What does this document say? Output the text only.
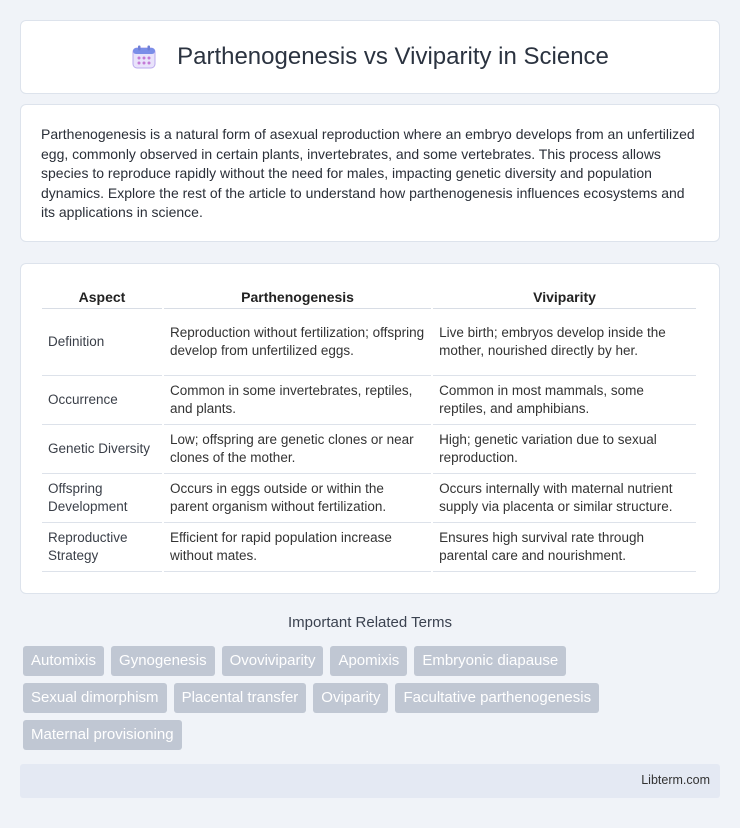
Parthenogenesis vs Viviparity in Science

Parthenogenesis is a natural form of asexual reproduction where an embryo develops from an unfertilized egg, commonly observed in certain plants, invertebrates, and some vertebrates. This process allows species to reproduce rapidly without the need for males, impacting genetic diversity and population dynamics. Explore the rest of the article to understand how parthenogenesis influences ecosystems and its applications in science.

Aspect	Parthenogenesis	Viviparity
Definition	Reproduction without fertilization; offspring develop from unfertilized eggs.	Live birth; embryos develop inside the mother, nourished directly by her.
Occurrence	Common in some invertebrates, reptiles, and plants.	Common in most mammals, some reptiles, and amphibians.
Genetic Diversity	Low; offspring are genetic clones or near clones of the mother.	High; genetic variation due to sexual reproduction.
Offspring Development	Occurs in eggs outside or within the parent organism without fertilization.	Occurs internally with maternal nutrient supply via placenta or similar structure.
Reproductive Strategy	Efficient for rapid population increase without mates.	Ensures high survival rate through parental care and nourishment.
Important Related Terms
Automixis	Gynogenesis	Ovoviviparity	Apomixis	Embryonic diapause
Sexual dimorphism	Placental transfer	Oviparity	Facultative parthenogenesis
Maternal provisioning
Libterm.com
